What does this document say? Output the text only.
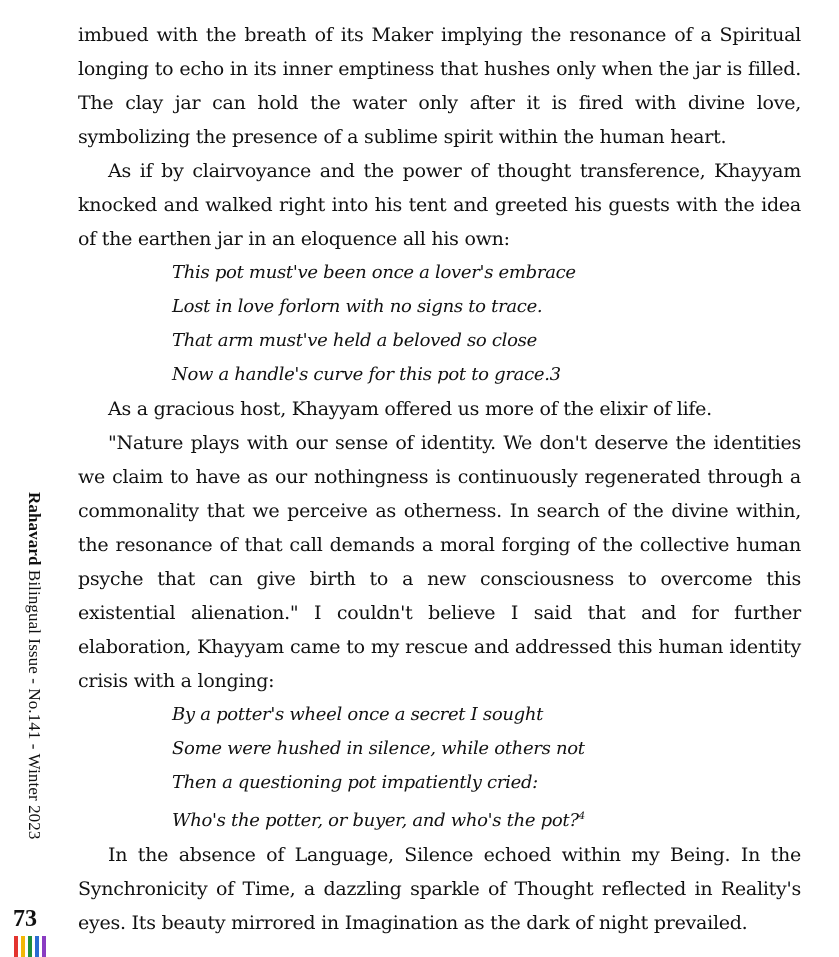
imbued with the breath of its Maker implying the resonance of a Spiritual longing to echo in its inner emptiness that hushes only when the jar is filled. The clay jar can hold the water only after it is fired with divine love, symbolizing the presence of a sublime spirit within the human heart.

As if by clairvoyance and the power of thought transference, Khayyam knocked and walked right into his tent and greeted his guests with the idea of the earthen jar in an eloquence all his own:

This pot must've been once a lover's embrace
Lost in love forlorn with no signs to trace.
That arm must've held a beloved so close
Now a handle's curve for this pot to grace.3

As a gracious host, Khayyam offered us more of the elixir of life.

"Nature plays with our sense of identity. We don't deserve the identities we claim to have as our nothingness is continuously regenerated through a commonality that we perceive as otherness. In search of the divine within, the resonance of that call demands a moral forging of the collective human psyche that can give birth to a new consciousness to overcome this existential alienation." I couldn't believe I said that and for further elaboration, Khayyam came to my rescue and addressed this human identity crisis with a longing:

By a potter's wheel once a secret I sought
Some were hushed in silence, while others not
Then a questioning pot impatiently cried:
Who's the potter, or buyer, and who's the pot?$^4$

In the absence of Language, Silence echoed within my Being. In the Synchronicity of Time, a dazzling sparkle of Thought reflected in Reality's eyes. Its beauty mirrored in Imagination as the dark of night prevailed.

Rahavard Bilingual Issue - No.141 - Winter 2023
73
